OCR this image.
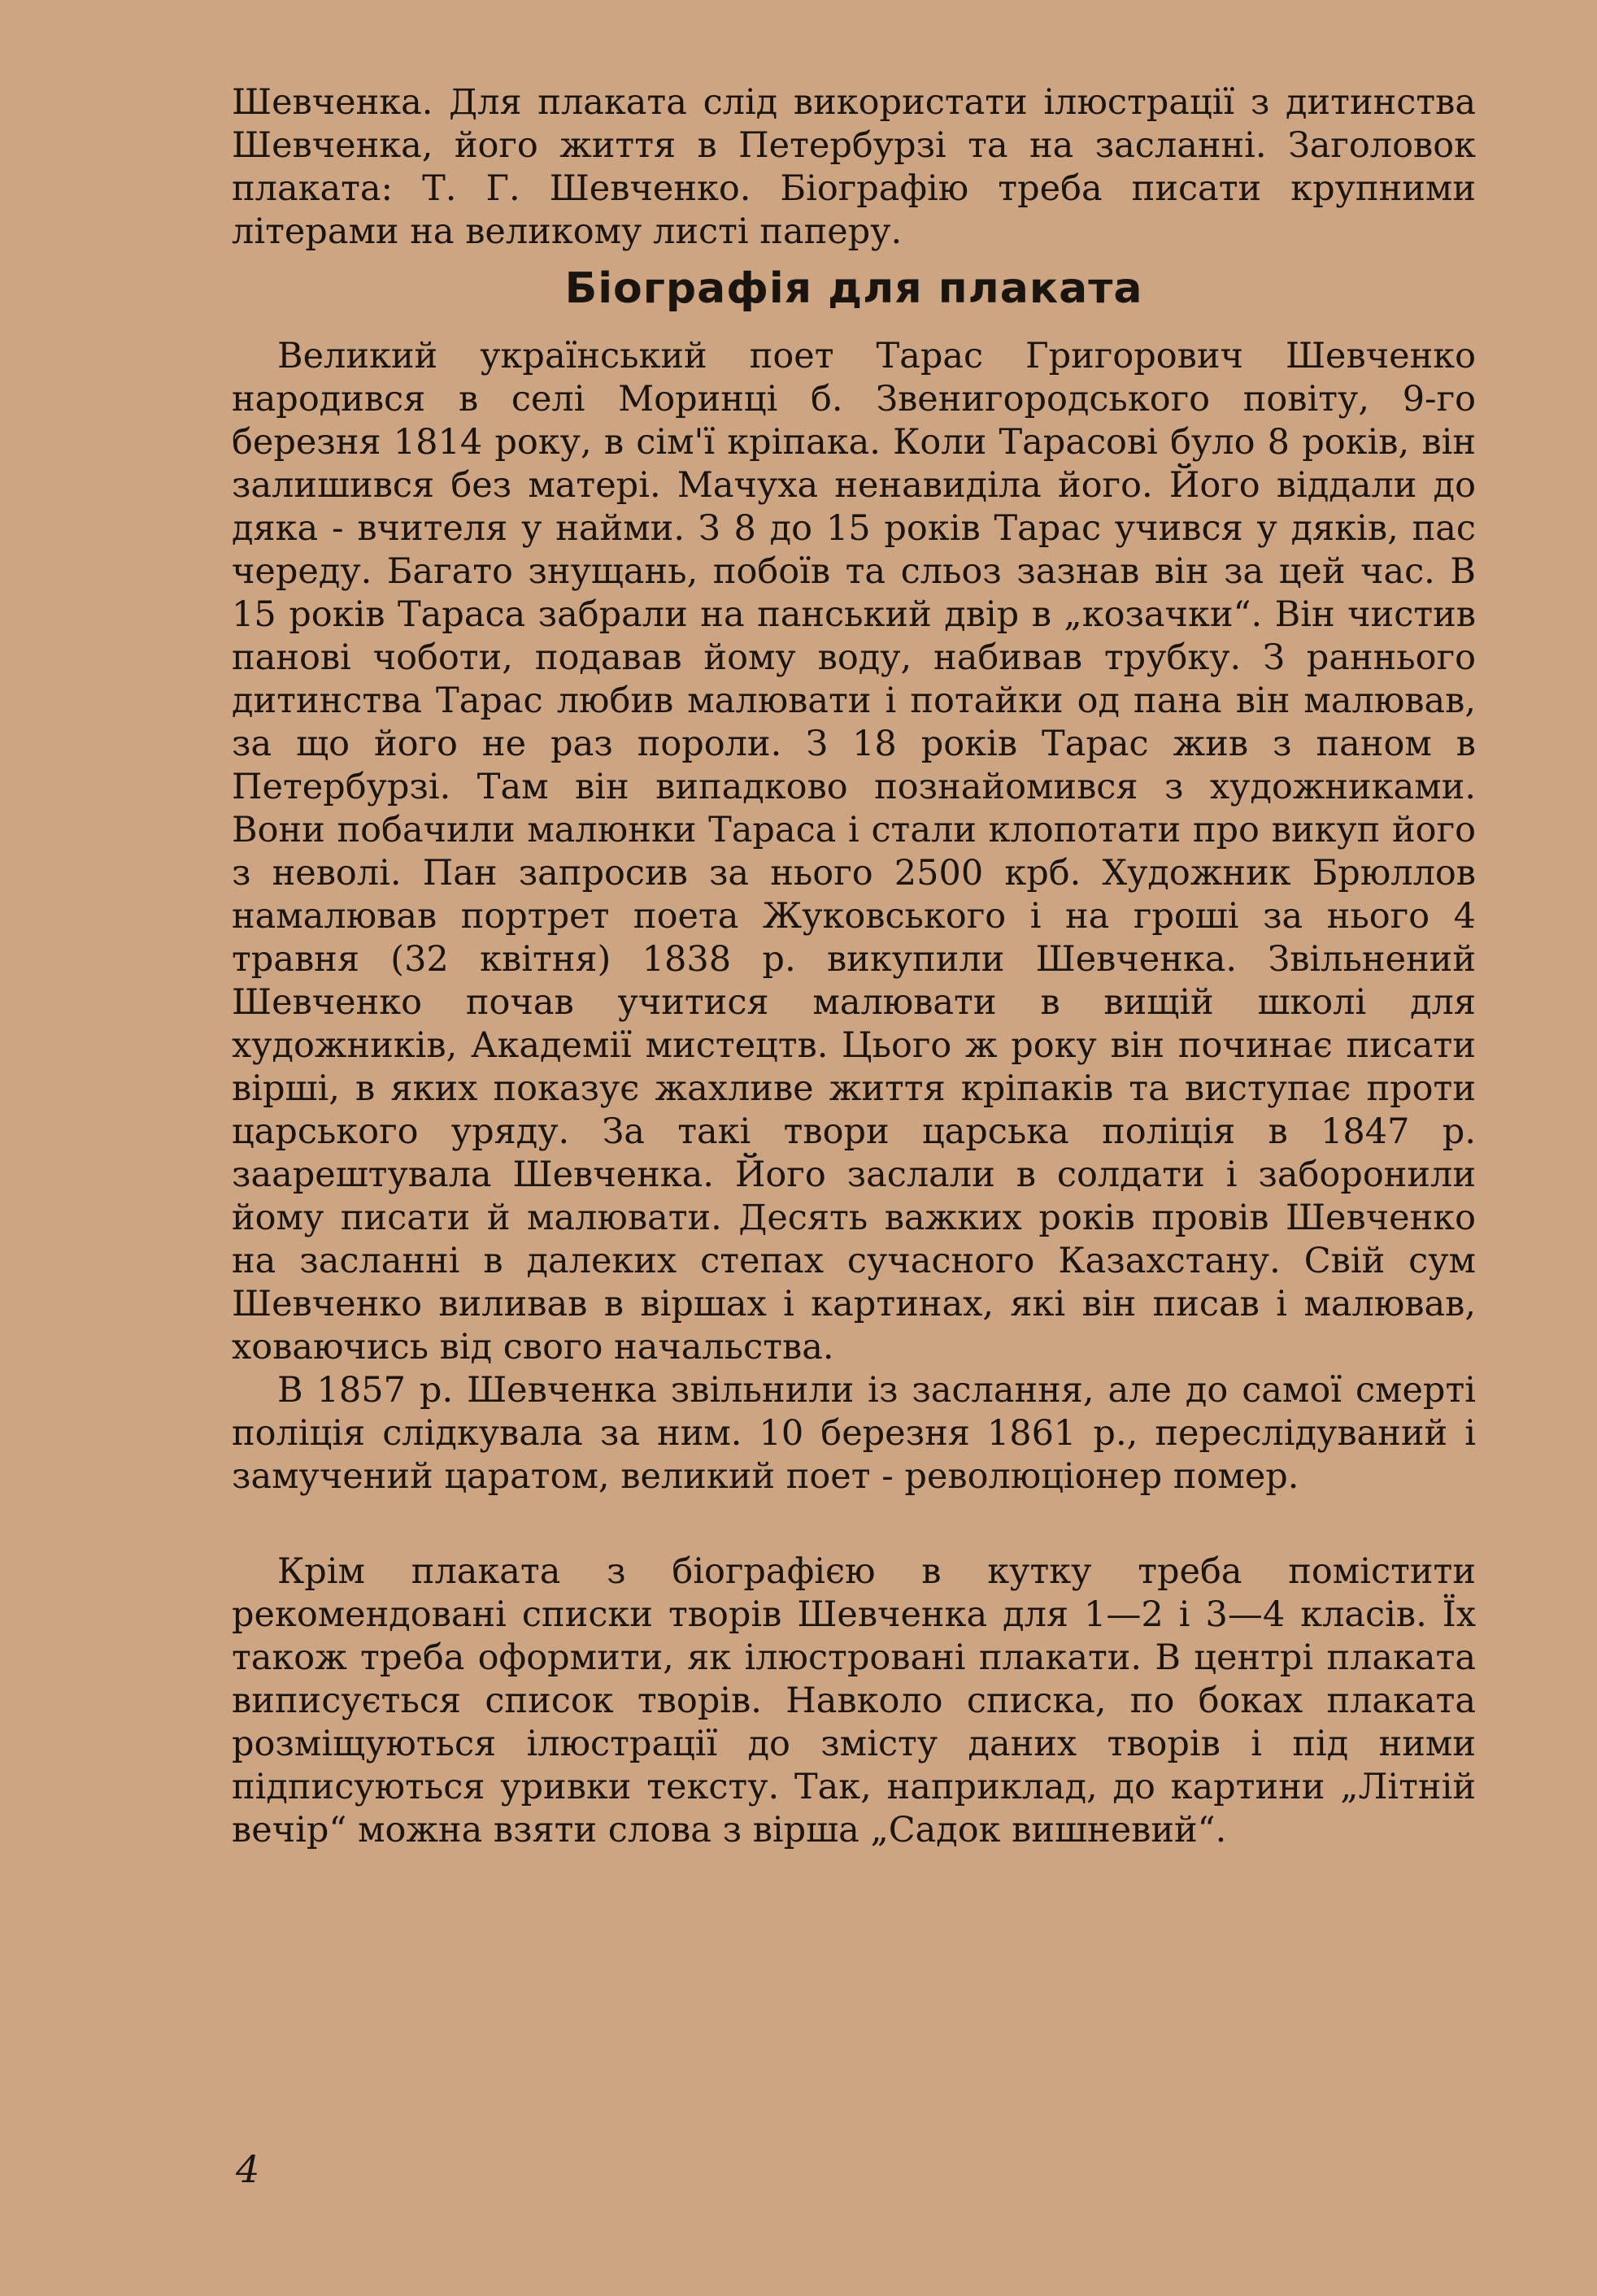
Шевченка. Для плаката слід використати ілюстрації з дитинства Шевченка, його життя в Петербурзі та на засланні. Заголовок плаката: Т. Г. Шевченко. Біографію треба писати крупними літерами на великому листі паперу.

Біографія для плаката

Великий український поет Тарас Григорович Шевченко народився в селі Моринці б. Звенигородського повіту, 9-го березня 1814 року, в сім'ї кріпака. Коли Тарасові було 8 років, він залишився без матері. Мачуха ненавиділа його. Його віддали до дяка - вчителя у найми. З 8 до 15 років Тарас учився у дяків, пас череду. Багато знущань, побоїв та сльоз зазнав він за цей час. В 15 років Тараса забрали на панський двір в „козачки“. Він чистив панові чоботи, подавав йому воду, набивав трубку. З раннього дитинства Тарас любив малювати і потайки од пана він малював, за що його не раз пороли. З 18 років Тарас жив з паном в Петербурзі. Там він випадково познайомився з художниками. Вони побачили малюнки Тараса і стали клопотати про викуп його з неволі. Пан запросив за нього 2500 крб. Художник Брюллов намалював портрет поета Жуковського і на гроші за нього 4 травня (32 квітня) 1838 р. викупили Шевченка. Звільнений Шевченко почав учитися малювати в вищій школі для художників, Академії мистецтв. Цього ж року він починає писати вірші, в яких показує жахливе життя кріпаків та виступає проти царського уряду. За такі твори царська поліція в 1847 р. заарештувала Шевченка. Його заслали в солдати і заборонили йому писати й малювати. Десять важких років провів Шевченко на засланні в далеких степах сучасного Казахстану. Свій сум Шевченко виливав в віршах і картинах, які він писав і малював, ховаючись від свого начальства.

В 1857 р. Шевченка звільнили із заслання, але до самої смерті поліція слідкувала за ним. 10 березня 1861 р., переслідуваний і замучений царатом, великий поет - революціонер помер.

Крім плаката з біографією в кутку треба помістити рекомендовані списки творів Шевченка для 1—2 і 3—4 класів. Їх також треба оформити, як ілюстровані плакати. В центрі плаката виписується список творів. Навколо списка, по боках плаката розміщуються ілюстрації до змісту даних творів і під ними підписуються уривки тексту. Так, наприклад, до картини „Літній вечір“ можна взяти слова з вірша „Садок вишневий“.

4
